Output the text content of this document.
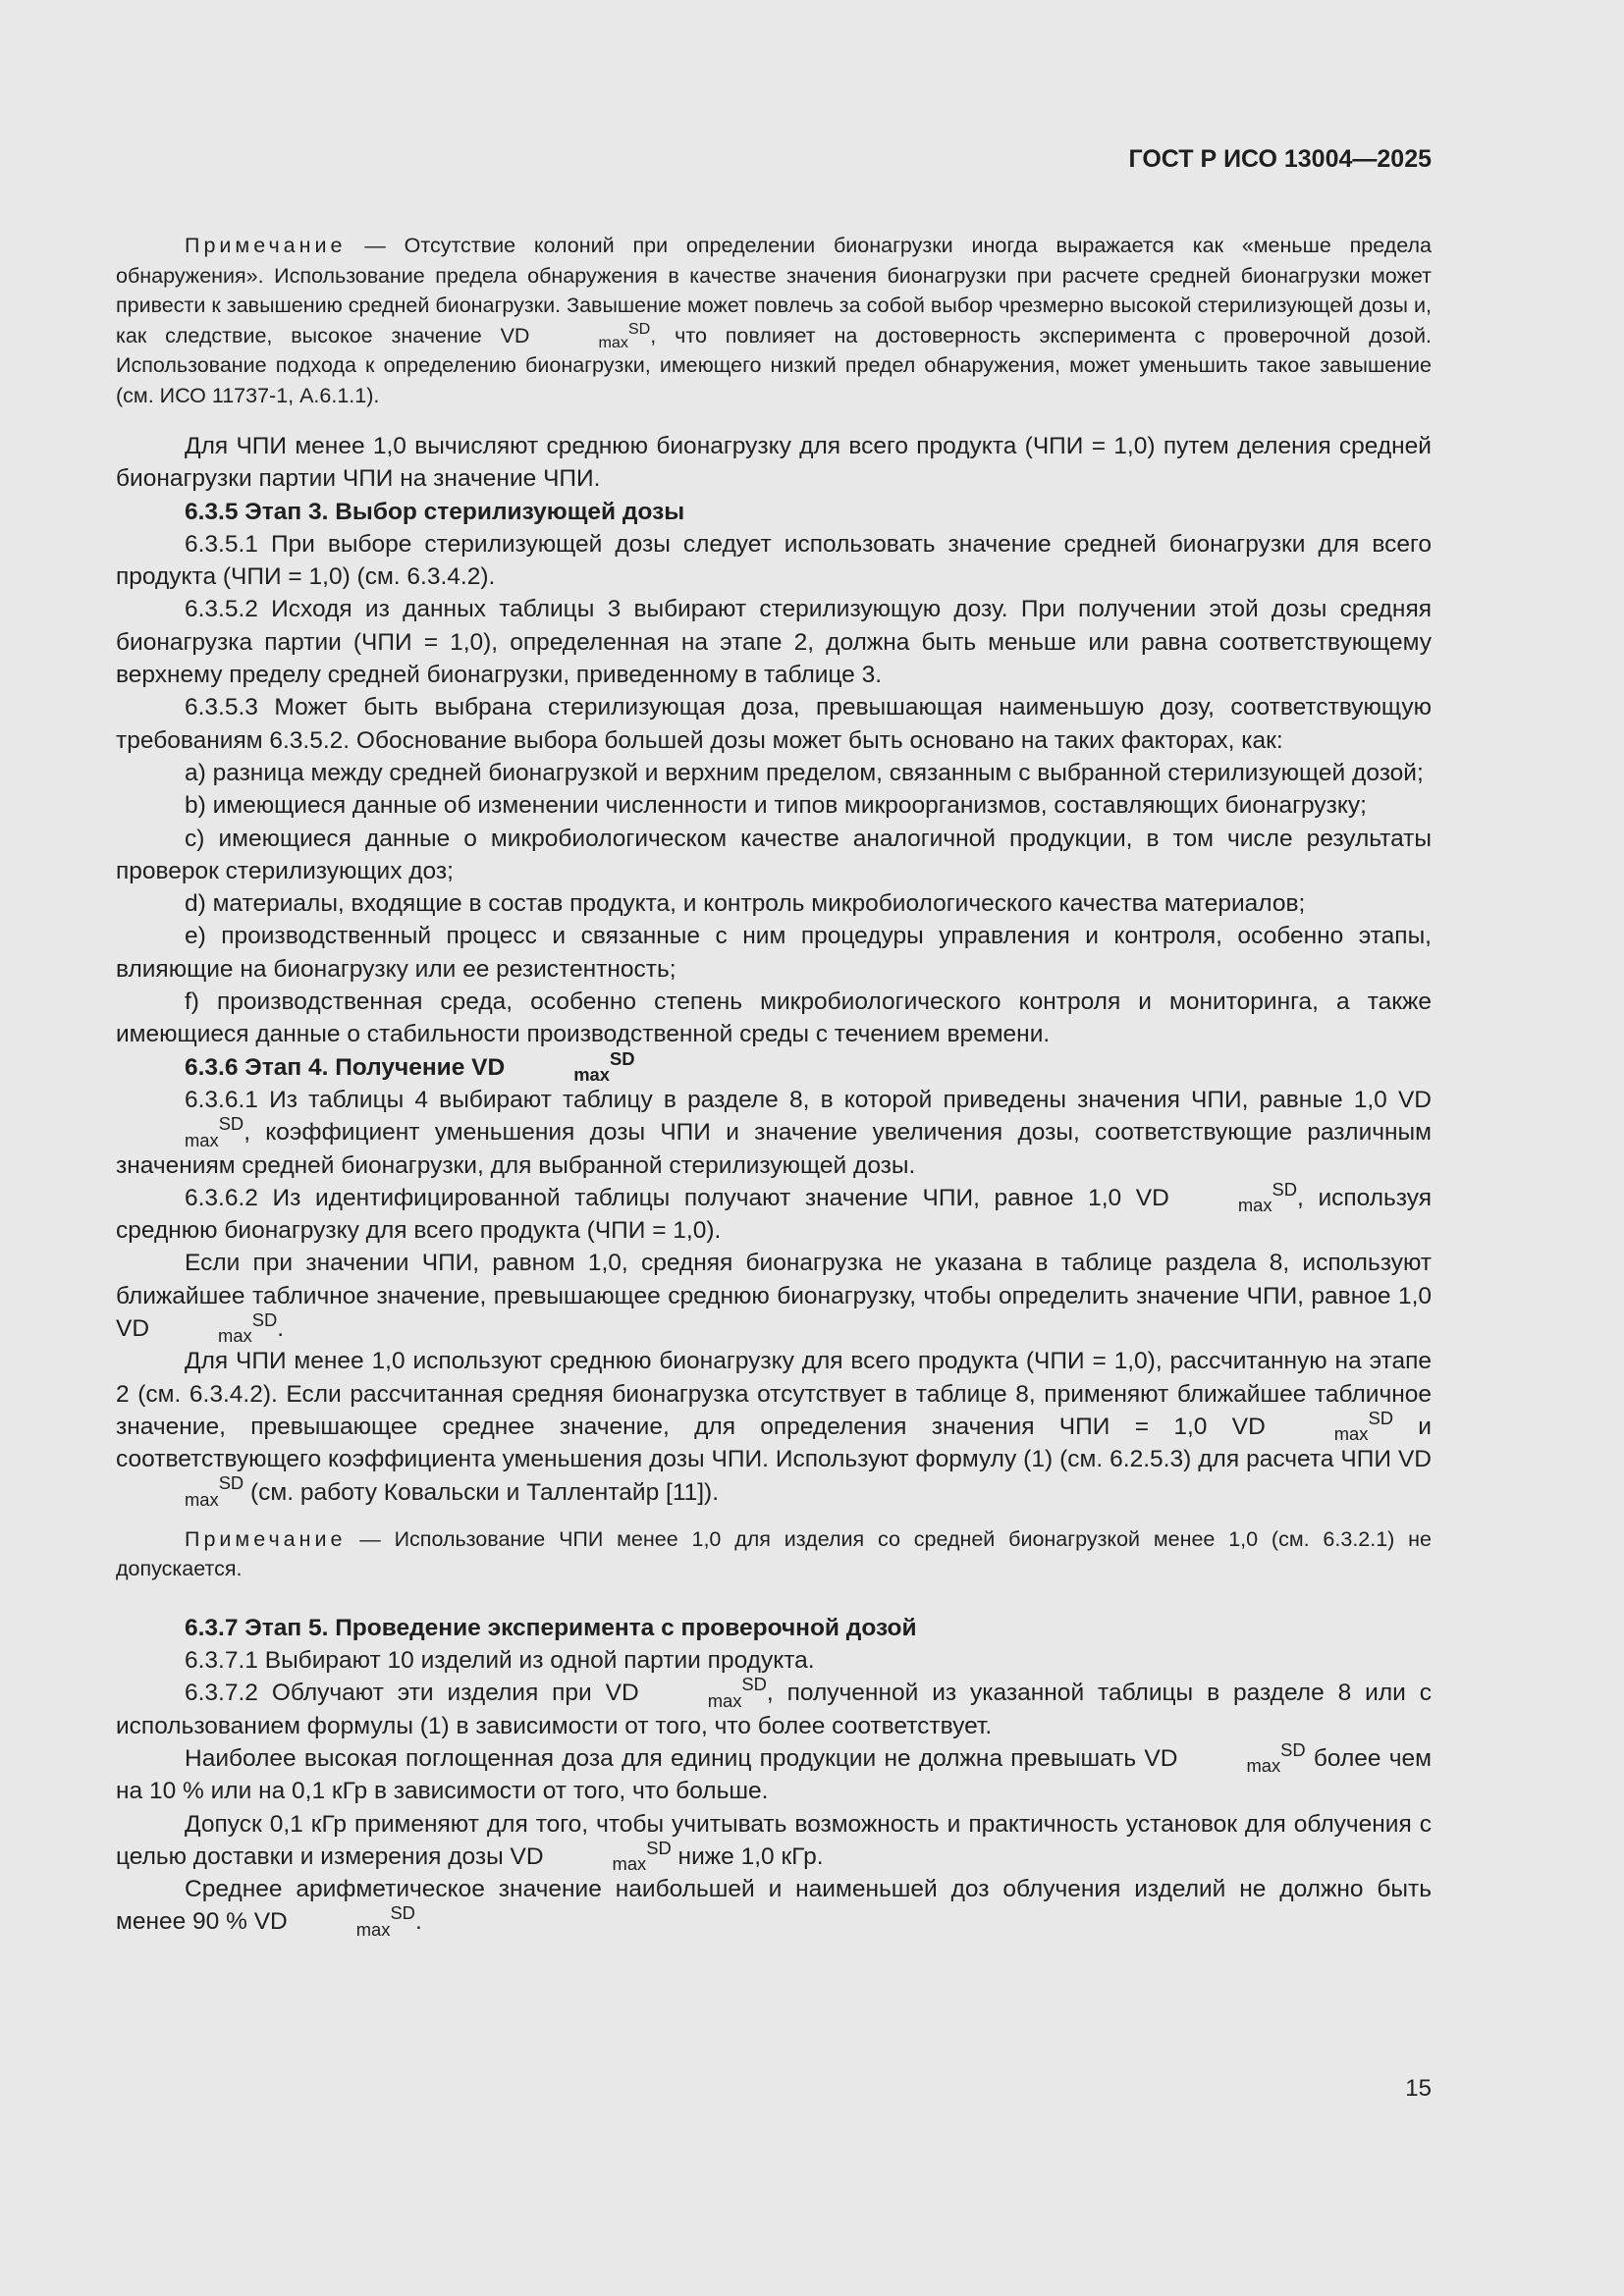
ГОСТ Р ИСО 13004—2025

Примечание — Отсутствие колоний при определении бионагрузки иногда выражается как «меньше предела обнаружения». Использование предела обнаружения в качестве значения бионагрузки при расчете средней бионагрузки может привести к завышению средней бионагрузки. Завышение может повлечь за собой выбор чрезмерно высокой стерилизующей дозы и, как следствие, высокое значение VD	maxSD, что повлияет на достоверность эксперимента с проверочной дозой. Использование подхода к определению бионагрузки, имеющего низкий предел обнаружения, может уменьшить такое завышение (см. ИСО 11737-1, А.6.1.1).

Для ЧПИ менее 1,0 вычисляют среднюю бионагрузку для всего продукта (ЧПИ = 1,0) путем деления средней бионагрузки партии ЧПИ на значение ЧПИ.

6.3.5 Этап 3. Выбор стерилизующей дозы

6.3.5.1 При выборе стерилизующей дозы следует использовать значение средней бионагрузки для всего продукта (ЧПИ = 1,0) (см. 6.3.4.2).

6.3.5.2 Исходя из данных таблицы 3 выбирают стерилизующую дозу. При получении этой дозы средняя бионагрузка партии (ЧПИ = 1,0), определенная на этапе 2, должна быть меньше или равна соответствующему верхнему пределу средней бионагрузки, приведенному в таблице 3.

6.3.5.3 Может быть выбрана стерилизующая доза, превышающая наименьшую дозу, соответствующую требованиям 6.3.5.2. Обоснование выбора большей дозы может быть основано на таких факторах, как:

a) разница между средней бионагрузкой и верхним пределом, связанным с выбранной стерилизующей дозой;

b) имеющиеся данные об изменении численности и типов микроорганизмов, составляющих бионагрузку;

c) имеющиеся данные о микробиологическом качестве аналогичной продукции, в том числе результаты проверок стерилизующих доз;

d) материалы, входящие в состав продукта, и контроль микробиологического качества материалов;

e) производственный процесс и связанные с ним процедуры управления и контроля, особенно этапы, влияющие на бионагрузку или ее резистентность;

f) производственная среда, особенно степень микробиологического контроля и мониторинга, а также имеющиеся данные о стабильности производственной среды с течением времени.

6.3.6 Этап 4. Получение VD	maxSD

6.3.6.1 Из таблицы 4 выбирают таблицу в разделе 8, в которой приведены значения ЧПИ, равные 1,0 VDmaxSD, коэффициент уменьшения дозы ЧПИ и значение увеличения дозы, соответствующие различным значениям средней бионагрузки, для выбранной стерилизующей дозы.

6.3.6.2 Из идентифицированной таблицы получают значение ЧПИ, равное 1,0 VD	maxSD, используя среднюю бионагрузку для всего продукта (ЧПИ = 1,0).

Если при значении ЧПИ, равном 1,0, средняя бионагрузка не указана в таблице раздела 8, используют ближайшее табличное значение, превышающее среднюю бионагрузку, чтобы определить значение ЧПИ, равное 1,0 VD	maxSD.

Для ЧПИ менее 1,0 используют среднюю бионагрузку для всего продукта (ЧПИ = 1,0), рассчитанную на этапе 2 (см. 6.3.4.2). Если рассчитанная средняя бионагрузка отсутствует в таблице 8, применяют ближайшее табличное значение, превышающее среднее значение, для определения значения ЧПИ = 1,0 VD	maxSD и соответствующего коэффициента уменьшения дозы ЧПИ. Используют формулу (1) (см. 6.2.5.3) для расчета ЧПИ VDmaxSD (см. работу Ковальски и Таллентайр [11]).

Примечание — Использование ЧПИ менее 1,0 для изделия со средней бионагрузкой менее 1,0 (см. 6.3.2.1) не допускается.

6.3.7 Этап 5. Проведение эксперимента с проверочной дозой

6.3.7.1 Выбирают 10 изделий из одной партии продукта.

6.3.7.2 Облучают эти изделия при VD	maxSD, полученной из указанной таблицы в разделе 8 или с использованием формулы (1) в зависимости от того, что более соответствует.

Наиболее высокая поглощенная доза для единиц продукции не должна превышать VD	maxSD более чем на 10 % или на 0,1 кГр в зависимости от того, что больше.

Допуск 0,1 кГр применяют для того, чтобы учитывать возможность и практичность установок для облучения с целью доставки и измерения дозы VD	maxSD ниже 1,0 кГр.

Среднее арифметическое значение наибольшей и наименьшей доз облучения изделий не должно быть менее 90 % VD	maxSD.

15
